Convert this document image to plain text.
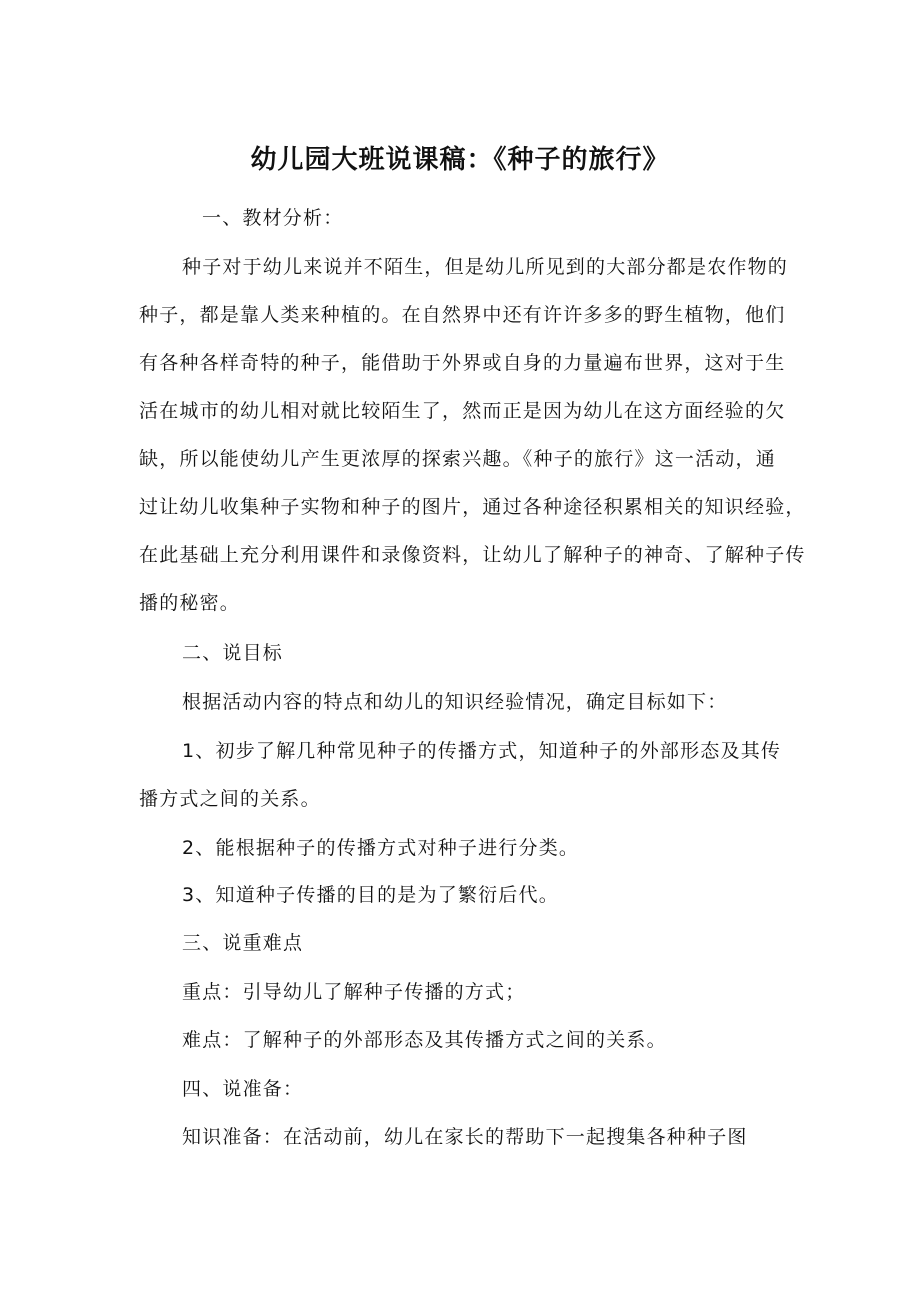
幼儿园大班说课稿：《种子的旅行》

一、教材分析：

种子对于幼儿来说并不陌生，但是幼儿所见到的大部分都是农作物的

种子，都是靠人类来种植的。在自然界中还有许许多多的野生植物，他们

有各种各样奇特的种子，能借助于外界或自身的力量遍布世界，这对于生

活在城市的幼儿相对就比较陌生了，然而正是因为幼儿在这方面经验的欠

缺，所以能使幼儿产生更浓厚的探索兴趣。《种子的旅行》这一活动，通

过让幼儿收集种子实物和种子的图片，通过各种途径积累相关的知识经验，

在此基础上充分利用课件和录像资料，让幼儿了解种子的神奇、了解种子传

播的秘密。

二、说目标

根据活动内容的特点和幼儿的知识经验情况，确定目标如下：

1、初步了解几种常见种子的传播方式，知道种子的外部形态及其传

播方式之间的关系。

2、能根据种子的传播方式对种子进行分类。

3、知道种子传播的目的是为了繁衍后代。

三、说重难点

重点：引导幼儿了解种子传播的方式；

难点：了解种子的外部形态及其传播方式之间的关系。

四、说准备：

知识准备：在活动前，幼儿在家长的帮助下一起搜集各种种子图
